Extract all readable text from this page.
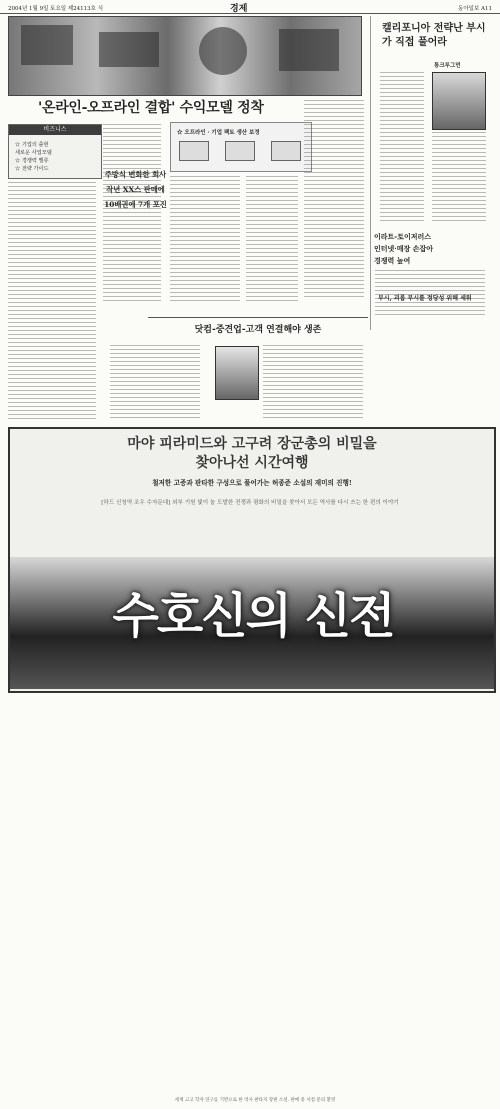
2004년 1월 9일 토요일 제24113호 식	경제	동아일보 A11
'온라인-오프라인 결합' 수익모델 정착
비즈니스
☆ 기업의 출현
새로운 사업모델
☆ 경쟁력 밸류
☆ 전략 가이드
주방식 변화한 회사
작년 XX스 판매에
10배권에 7개 포진
☆ 오프라인 · 기업 팩토 생산 보정
닷컴-중견업-고객 연결해야 생존
캘리포니아 전략난 부시가 직접 풀어라
통크루그먼
이라트-토이저러스
인터넷·매장 손잡아
경쟁력 높여
부시, 괴롭 부시를 정당성 위해 세워
마야 피라미드와 고구려 장군총의 비밀을
찾아나선 시간여행
철저한 고증과 판타한 구성으로 풀어가는 허종준 소설의 재미의 진행!
[하드 신청역 조우 수자문대] 외부 기원 빛이 놀 도발한 전쟁과 평화의 비밀을 찾아서 모든 역사를 다시 쓰는 한 편의 이야기
수호신의 신전
세계 고고 학자 연구를 기반으로 한 역사 판타지 장편 소설. 판매 중 서점 문의 환영
